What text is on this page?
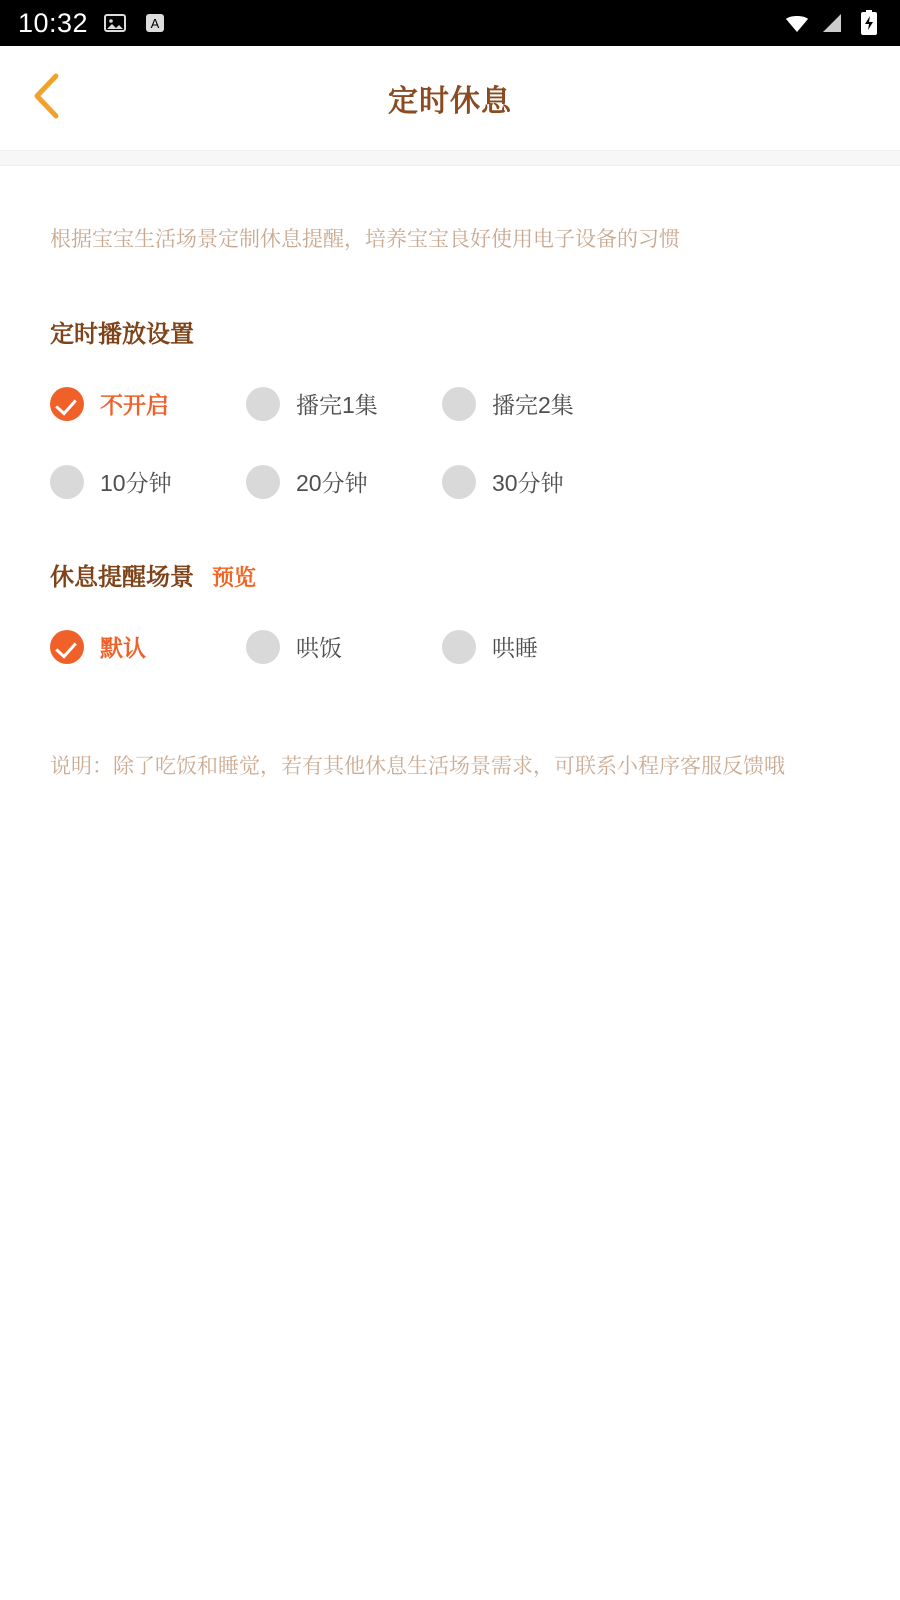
10:32	A
定时休息
根据宝宝生活场景定制休息提醒，培养宝宝良好使用电子设备的习惯
定时播放设置
不开启	播完1集	播完2集
10分钟	20分钟	30分钟
休息提醒场景 预览
默认	哄饭	哄睡
说明：除了吃饭和睡觉，若有其他休息生活场景需求，可联系小程序客服反馈哦
